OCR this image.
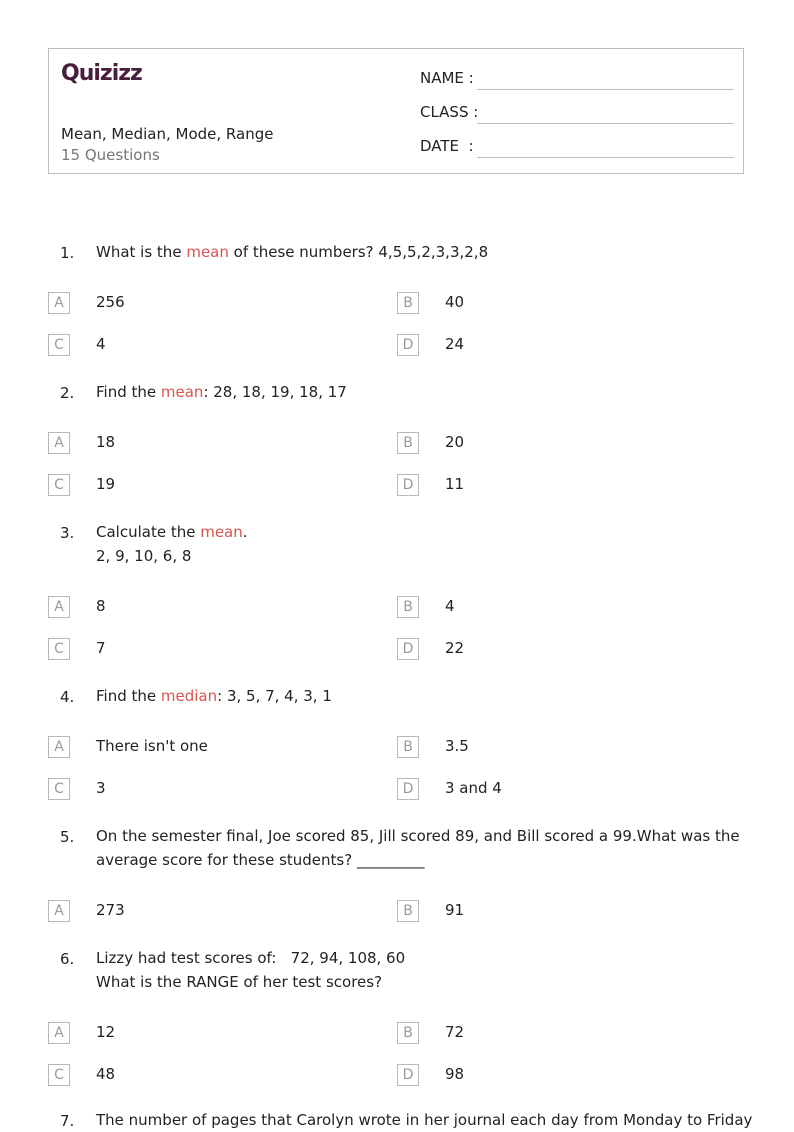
Quizizz
Mean, Median, Mode, Range
15 Questions
NAME :
CLASS :
DATE  :
1. What is the mean of these numbers? 4,5,5,2,3,3,2,8
A	256	B	40
C	4	D	24
2. Find the mean: 28, 18, 19, 18, 17
A	18	B	20
C	19	D	11
3. Calculate the mean.
2, 9, 10, 6, 8
A	8	B	4
C	7	D	22
4. Find the median: 3, 5, 7, 4, 3, 1
A	There isn't one	B	3.5
C	3	D	3 and 4
5. On the semester final, Joe scored 85, Jill scored 89, and Bill scored a 99.What was the
average score for these students? _________
A	273	B	91
6. Lizzy had test scores of:   72, 94, 108, 60
What is the RANGE of her test scores?
A	12	B	72
C	48	D	98
7. The number of pages that Carolyn wrote in her journal each day from Monday to Friday
